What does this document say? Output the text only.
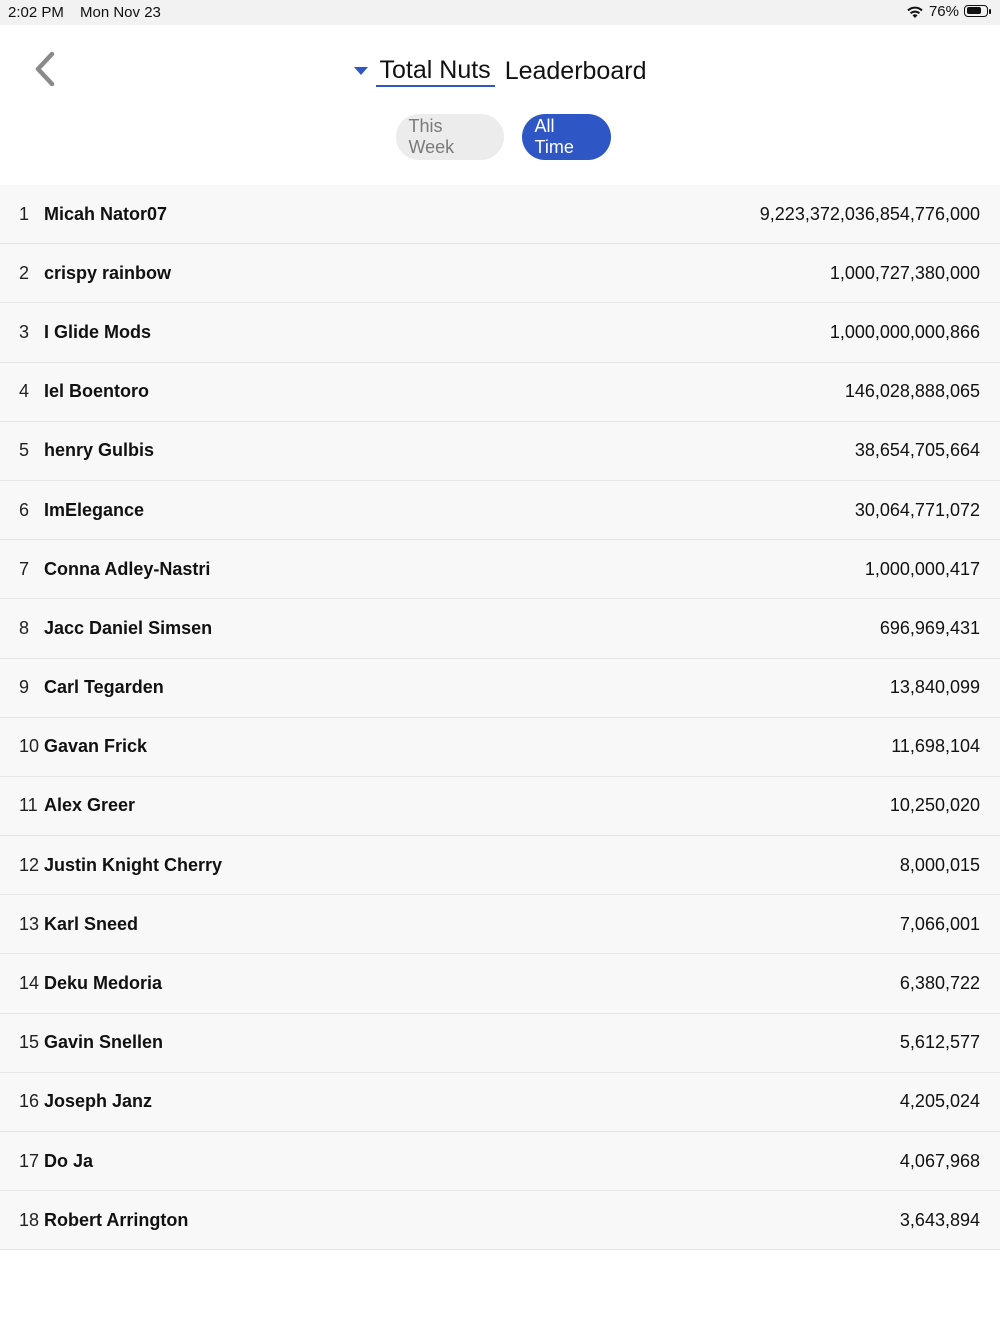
2:02 PM Mon Nov 23	76%
Total Nuts Leaderboard
This Week
All Time
1 Micah Nator07	9,223,372,036,854,776,000
2 crispy rainbow	1,000,727,380,000
3 I Glide Mods	1,000,000,000,866
4 Iel Boentoro	146,028,888,065
5 henry Gulbis	38,654,705,664
6 ImElegance	30,064,771,072
7 Conna Adley-Nastri	1,000,000,417
8 Jacc Daniel Simsen	696,969,431
9 Carl Tegarden	13,840,099
10 Gavan Frick	11,698,104
11 Alex Greer	10,250,020
12 Justin Knight Cherry	8,000,015
13 Karl Sneed	7,066,001
14 Deku Medoria	6,380,722
15 Gavin Snellen	5,612,577
16 Joseph Janz	4,205,024
17 Do Ja	4,067,968
18 Robert Arrington	3,643,894
